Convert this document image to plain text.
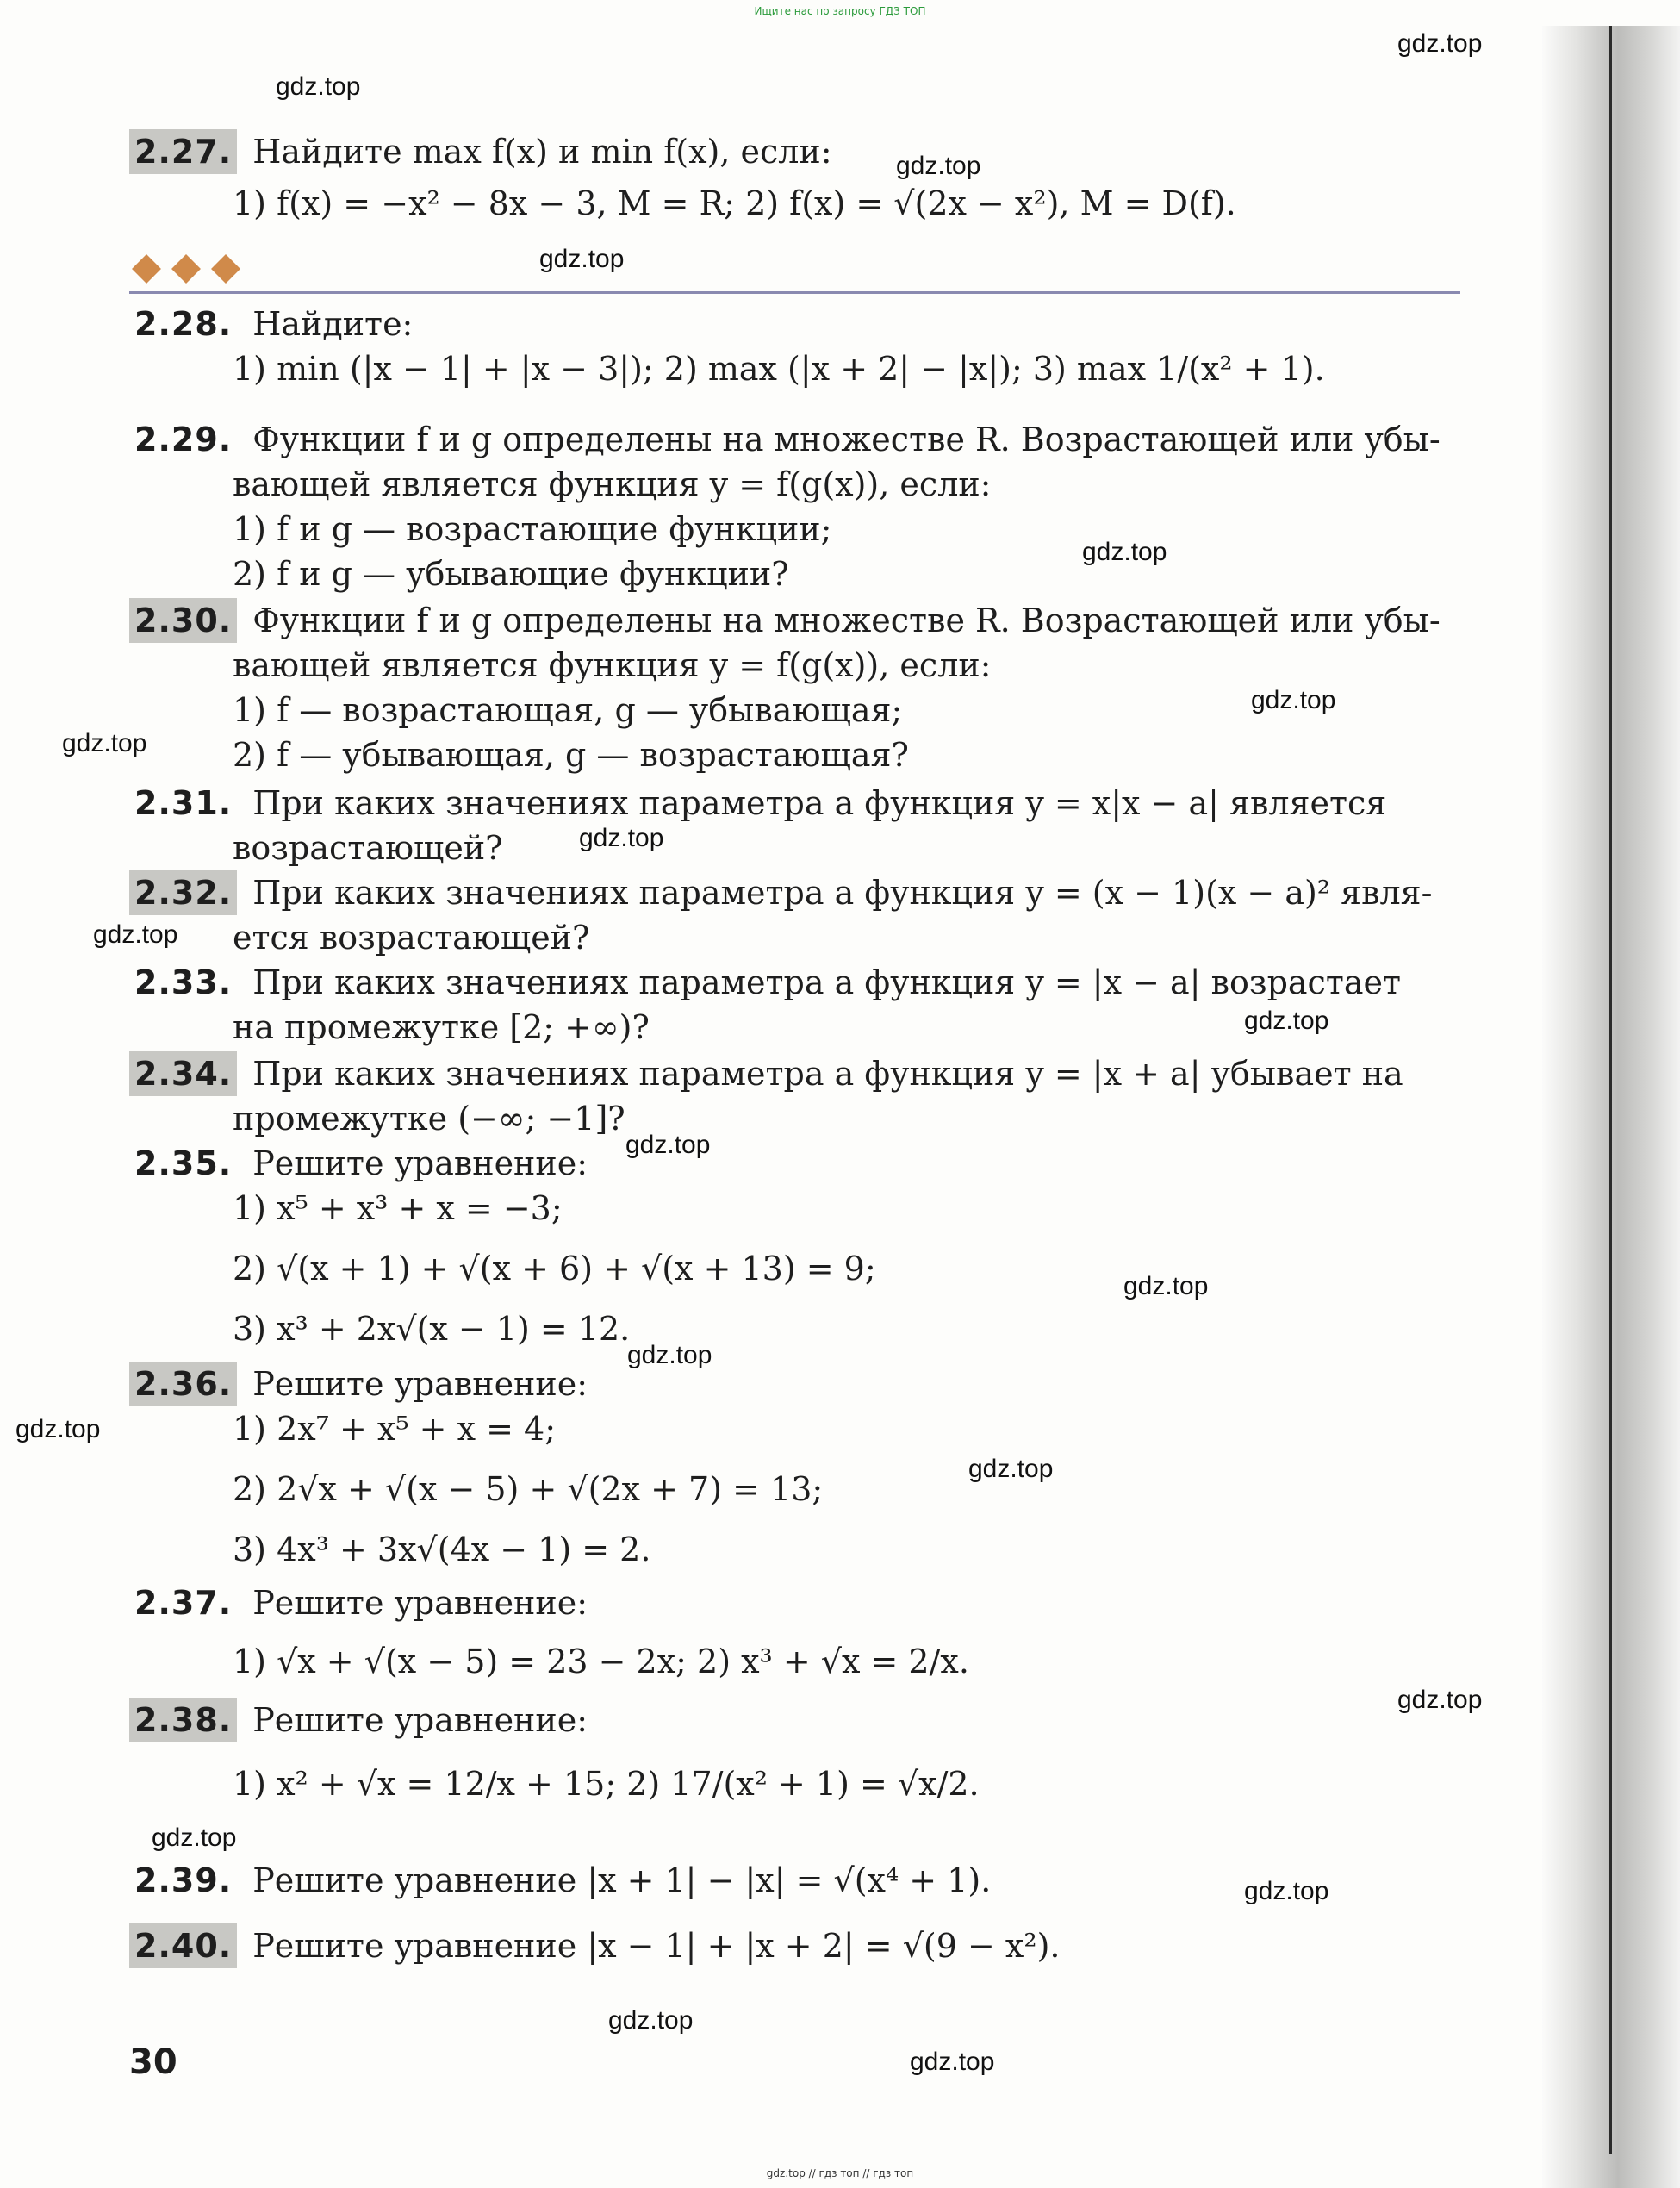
Ищите нас по запросу ГДЗ ТОП
gdz.top
gdz.top
gdz.top
gdz.top
gdz.top
gdz.top
gdz.top
gdz.top
gdz.top
gdz.top
gdz.top
gdz.top
gdz.top
gdz.top
gdz.top
gdz.top
gdz.top
gdz.top
gdz.top
gdz.top
2.27. Найдите max f(x) и min f(x), если:
1) f(x) = −x² − 8x − 3, M = R; 2) f(x) = √(2x − x²), M = D(f).
2.28. Найдите:
1) min (|x − 1| + |x − 3|); 2) max (|x + 2| − |x|); 3) max 1/(x² + 1).
2.29. Функции f и g определены на множестве R. Возрастающей или убы-
вающей является функция y = f(g(x)), если:
1) f и g — возрастающие функции;
2) f и g — убывающие функции?
2.30. Функции f и g определены на множестве R. Возрастающей или убы-
вающей является функция y = f(g(x)), если:
1) f — возрастающая, g — убывающая;
2) f — убывающая, g — возрастающая?
2.31. При каких значениях параметра a функция y = x|x − a| является
возрастающей?
2.32. При каких значениях параметра a функция y = (x − 1)(x − a)² явля-
ется возрастающей?
2.33. При каких значениях параметра a функция y = |x − a| возрастает
на промежутке [2; +∞)?
2.34. При каких значениях параметра a функция y = |x + a| убывает на
промежутке (−∞; −1]?
2.35. Решите уравнение:
1) x⁵ + x³ + x = −3;
2) √(x + 1) + √(x + 6) + √(x + 13) = 9;
3) x³ + 2x√(x − 1) = 12.
2.36. Решите уравнение:
1) 2x⁷ + x⁵ + x = 4;
2) 2√x + √(x − 5) + √(2x + 7) = 13;
3) 4x³ + 3x√(4x − 1) = 2.
2.37. Решите уравнение:
1) √x + √(x − 5) = 23 − 2x; 2) x³ + √x = 2/x.
2.38. Решите уравнение:
1) x² + √x = 12/x + 15; 2) 17/(x² + 1) = √x/2.
2.39. Решите уравнение |x + 1| − |x| = √(x⁴ + 1).
2.40. Решите уравнение |x − 1| + |x + 2| = √(9 − x²).
30
gdz.top // гдз топ // гдз топ
